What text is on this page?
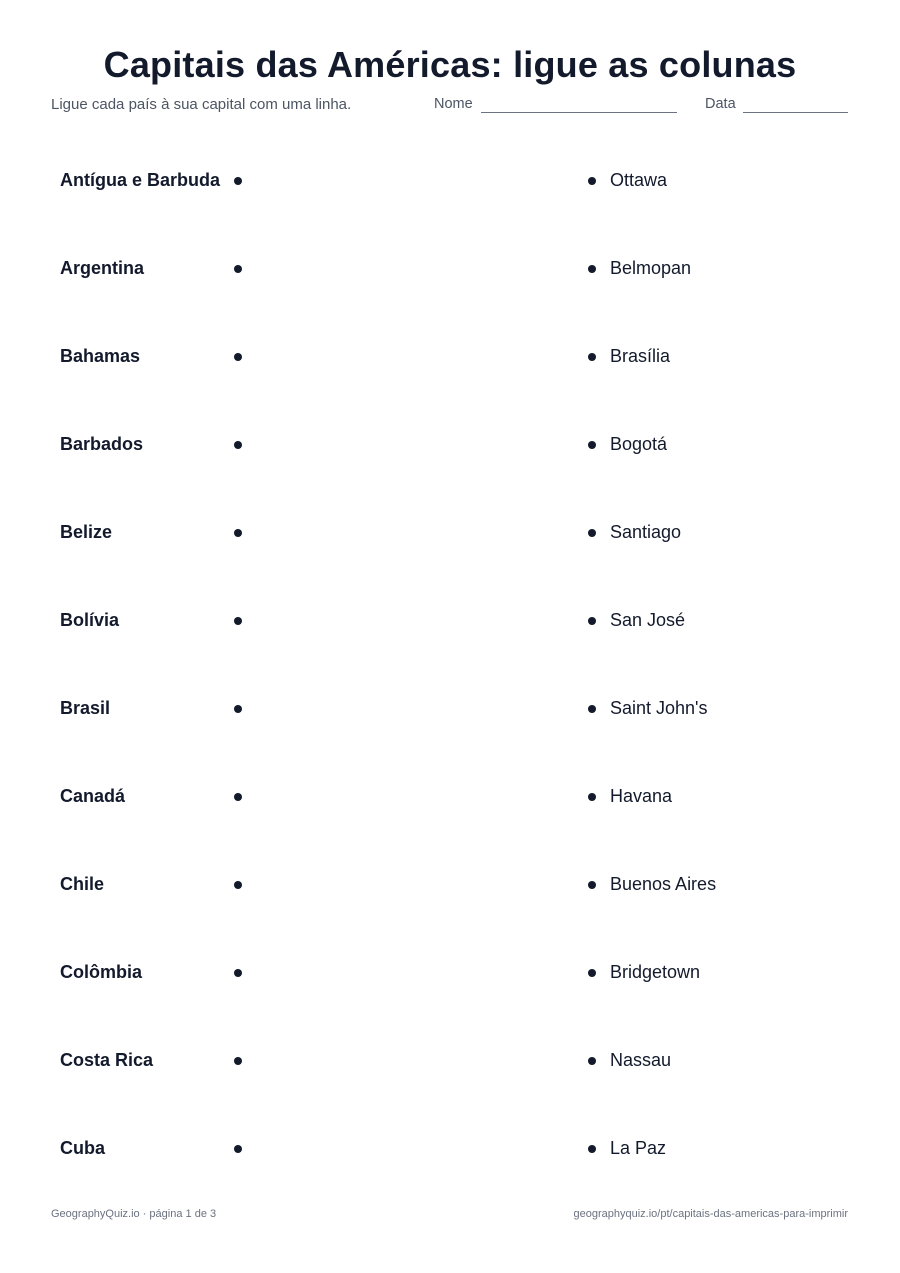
Capitais das Américas: ligue as colunas
Ligue cada país à sua capital com uma linha.	Nome	Data
Antígua e Barbuda	Ottawa
Argentina	Belmopan
Bahamas	Brasília
Barbados	Bogotá
Belize	Santiago
Bolívia	San José
Brasil	Saint John's
Canadá	Havana
Chile	Buenos Aires
Colômbia	Bridgetown
Costa Rica	Nassau
Cuba	La Paz
GeographyQuiz.io · página 1 de 3	geographyquiz.io/pt/capitais-das-americas-para-imprimir
